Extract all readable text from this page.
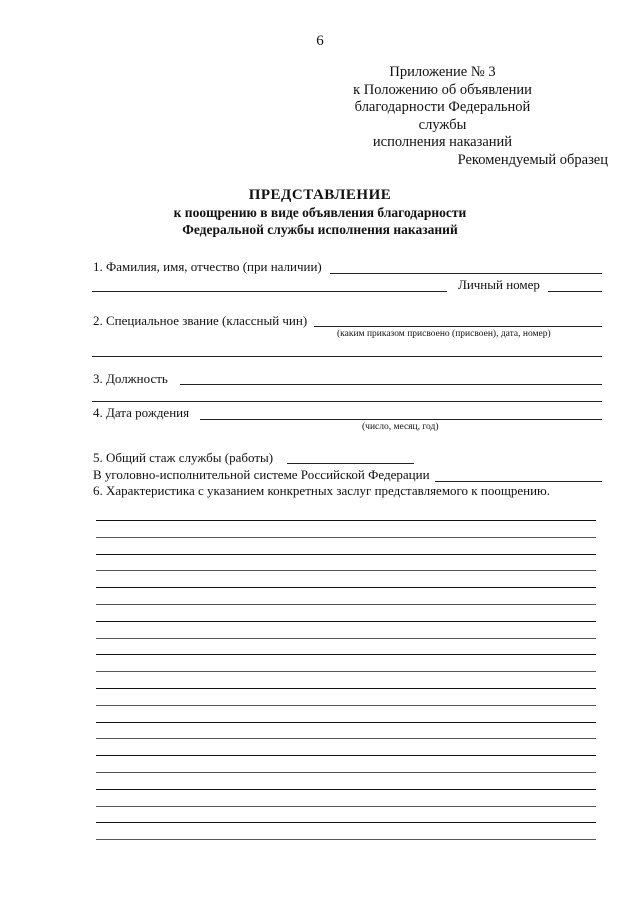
6
Приложение № 3
к Положению об объявлении
благодарности Федеральной службы
исполнения наказаний
Рекомендуемый образец
ПРЕДСТАВЛЕНИЕ
к поощрению в виде объявления благодарности
Федеральной службы исполнения наказаний
1. Фамилия, имя, отчество (при наличии)
Личный номер
2. Специальное звание (классный чин)
(каким приказом присвоено (присвоен), дата, номер)
3. Должность
4. Дата рождения
(число, месяц, год)
5. Общий стаж службы (работы)
В уголовно-исполнительной системе Российской Федерации
6. Характеристика с указанием конкретных заслуг представляемого к поощрению.
